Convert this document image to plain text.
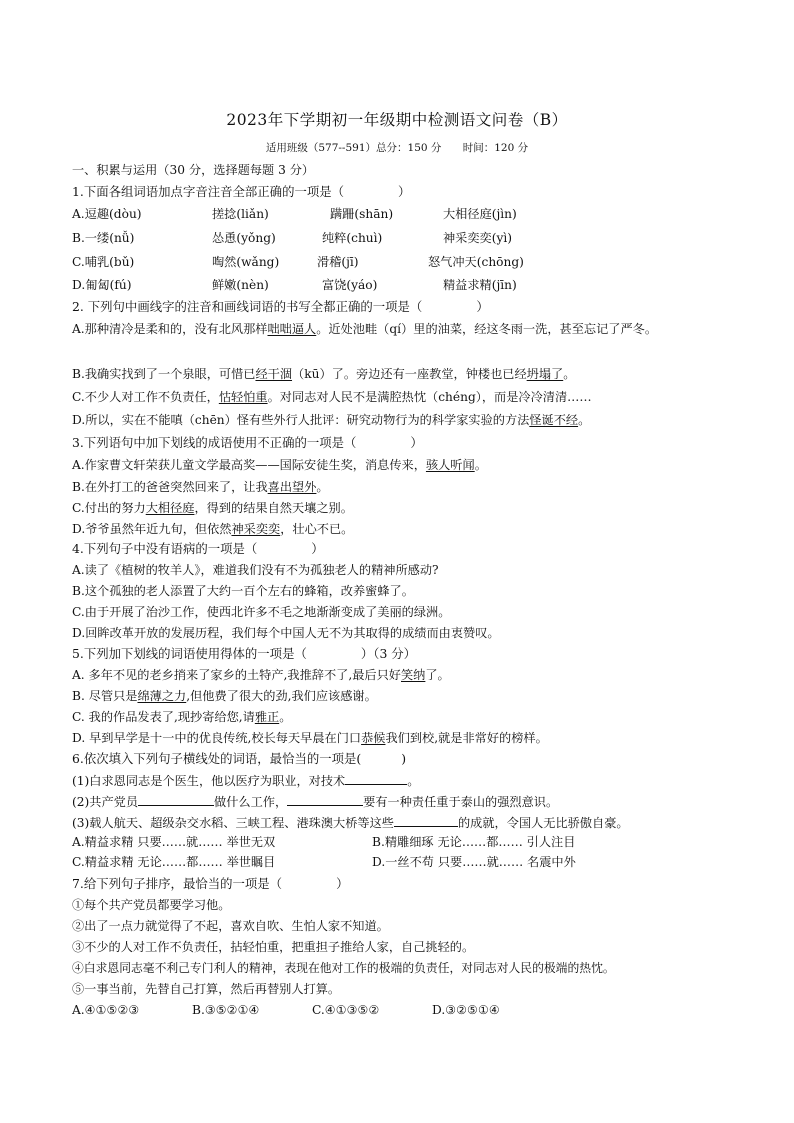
2023年下学期初一年级期中检测语文问卷（B）
适用班级（577--591）总分：150 分 时间：120 分
一、积累与运用（30 分，选择题每题 3 分）
1.下面各组词语加点字音注音全部正确的一项是（	）
A.逗趣(dòu)	搓捻(liǎn)	蹒跚(shān)	大相径庭(jìn)
B.一缕(nǚ)	怂恿(yǒng)	纯粹(chuì)	神采奕奕(yì)
C.哺乳(bǔ)	啕然(wǎng)	滑稽(jī)	怒气冲天(chōng)
D.匍匐(fú)	鲜嫩(nèn)	富饶(yáo)	精益求精(jīn)
2. 下列句中画线字的注音和画线词语的书写全都正确的一项是（	）
A.那种清冷是柔和的，没有北风那样咄咄逼人。近处池畦（qí）里的油菜，经这冬雨一洗，甚至忘记了严冬。
B.我确实找到了一个泉眼，可惜已经干涸（kū）了。旁边还有一座教堂，钟楼也已经坍塌了。
C.不少人对工作不负责任，怙轻怕重。对同志对人民不是满腔热忱（chéng），而是冷冷清清……
D.所以，实在不能嗔（chēn）怪有些外行人批评：研究动物行为的科学家实验的方法怪诞不经。
3.下列语句中加下划线的成语使用不正确的一项是（	）
A.作家曹文轩荣获儿童文学最高奖——国际安徒生奖，消息传来，骇人听闻。
B.在外打工的爸爸突然回来了，让我喜出望外。
C.付出的努力大相径庭，得到的结果自然天壤之别。
D.爷爷虽然年近九旬，但依然神采奕奕，壮心不已。
4.下列句子中没有语病的一项是（	）
A.读了《植树的牧羊人》，难道我们没有不为孤独老人的精神所感动?
B.这个孤独的老人添置了大约一百个左右的蜂箱，改养蜜蜂了。
C.由于开展了治沙工作，使西北许多不毛之地渐渐变成了美丽的绿洲。
D.回眸改革开放的发展历程，我们每个中国人无不为其取得的成绩而由衷赞叹。
5.下列加下划线的词语使用得体的一项是（	）（3 分）
A. 多年不见的老乡捎来了家乡的土特产,我推辞不了,最后只好笑纳了。
B. 尽管只是绵薄之力,但他费了很大的劲,我们应该感谢。
C. 我的作品发表了,现抄寄给您,请雅正。
D. 早到早学是十一中的优良传统,校长每天早晨在门口恭候我们到校,就是非常好的榜样。
6.依次填入下列句子横线处的词语，最恰当的一项是(	)
(1)白求恩同志是个医生，他以医疗为职业，对技术	。
(2)共产党员	做什么工作，	要有一种责任重于泰山的强烈意识。
(3)载人航天、超级杂交水稻、三峡工程、港珠澳大桥等这些	的成就，令国人无比骄傲自豪。
A.精益求精 只要……就…… 举世无双	B.精雕细琢 无论……都…… 引人注目
C.精益求精 无论……都…… 举世瞩目	D.一丝不苟 只要……就…… 名震中外
7.给下列句子排序，最恰当的一项是（	）
①每个共产党员都要学习他。
②出了一点力就觉得了不起，喜欢自吹、生怕人家不知道。
③不少的人对工作不负责任，拈轻怕重，把重担子推给人家，自己挑轻的。
④白求恩同志毫不利己专门利人的精神，表现在他对工作的极端的负责任，对同志对人民的极端的热忱。
⑤一事当前，先替自己打算，然后再替别人打算。
A.④①⑤②③	B.③⑤②①④	C.④①③⑤②	D.③②⑤①④
